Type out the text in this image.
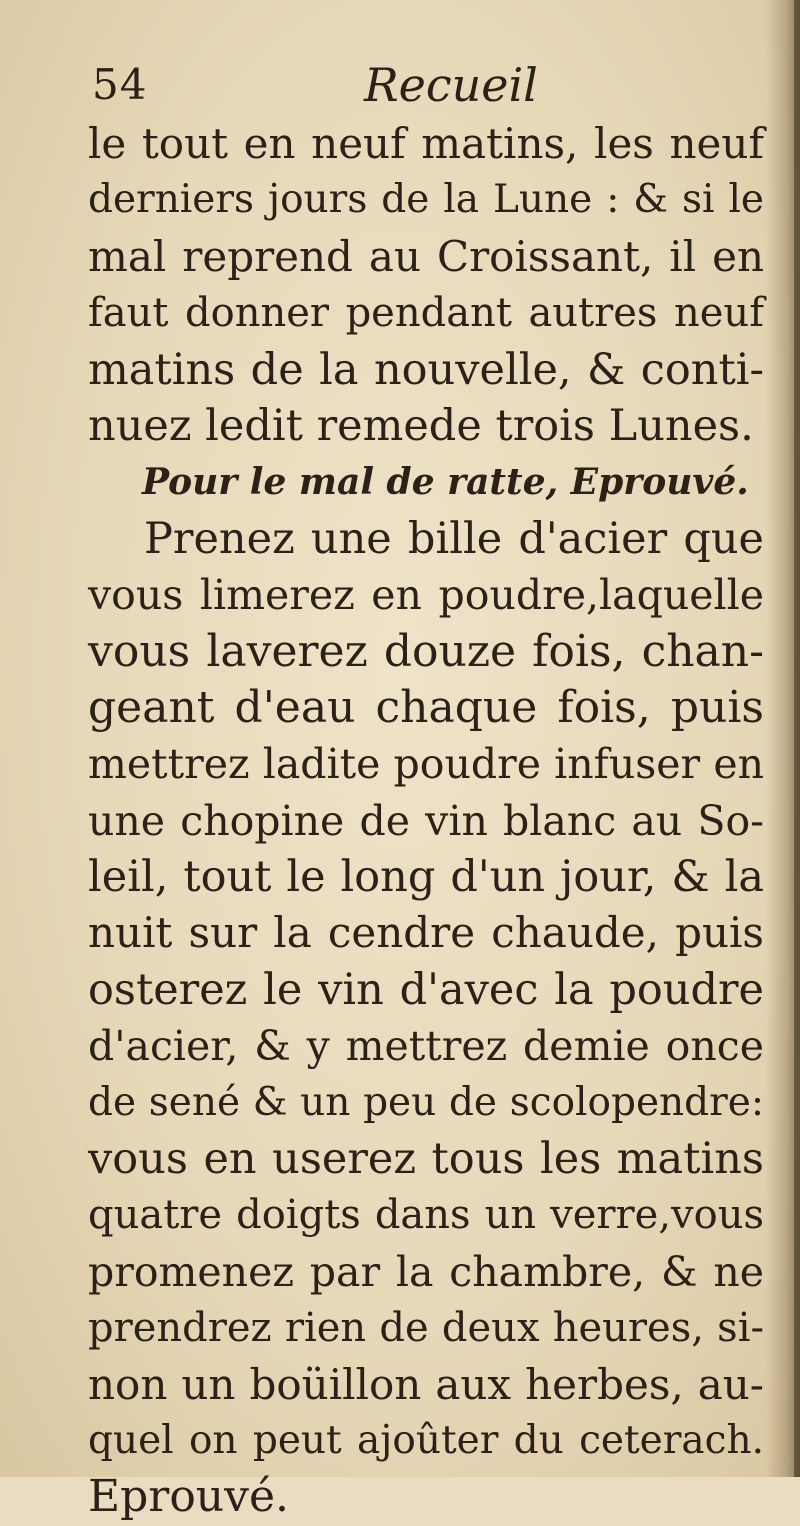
54	Recueil
le tout en neuf matins, les neuf
derniers jours de la Lune : & si le
mal reprend au Croissant, il en
faut donner pendant autres neuf
matins de la nouvelle, & conti-
nuez ledit remede trois Lunes.
Pour le mal de ratte, Eprouvé.
Prenez une bille d'acier que
vous limerez en poudre,laquelle
vous laverez douze fois, chan-
geant d'eau chaque fois, puis
mettrez ladite poudre infuser en
une chopine de vin blanc au So-
leil, tout le long d'un jour, & la
nuit sur la cendre chaude, puis
osterez le vin d'avec la poudre
d'acier, & y mettrez demie once
de sené & un peu de scolopendre:
vous en userez tous les matins
quatre doigts dans un verre,vous
promenez par la chambre, & ne
prendrez rien de deux heures, si-
non un boüillon aux herbes, au-
quel on peut ajoûter du ceterach.
Eprouvé.
